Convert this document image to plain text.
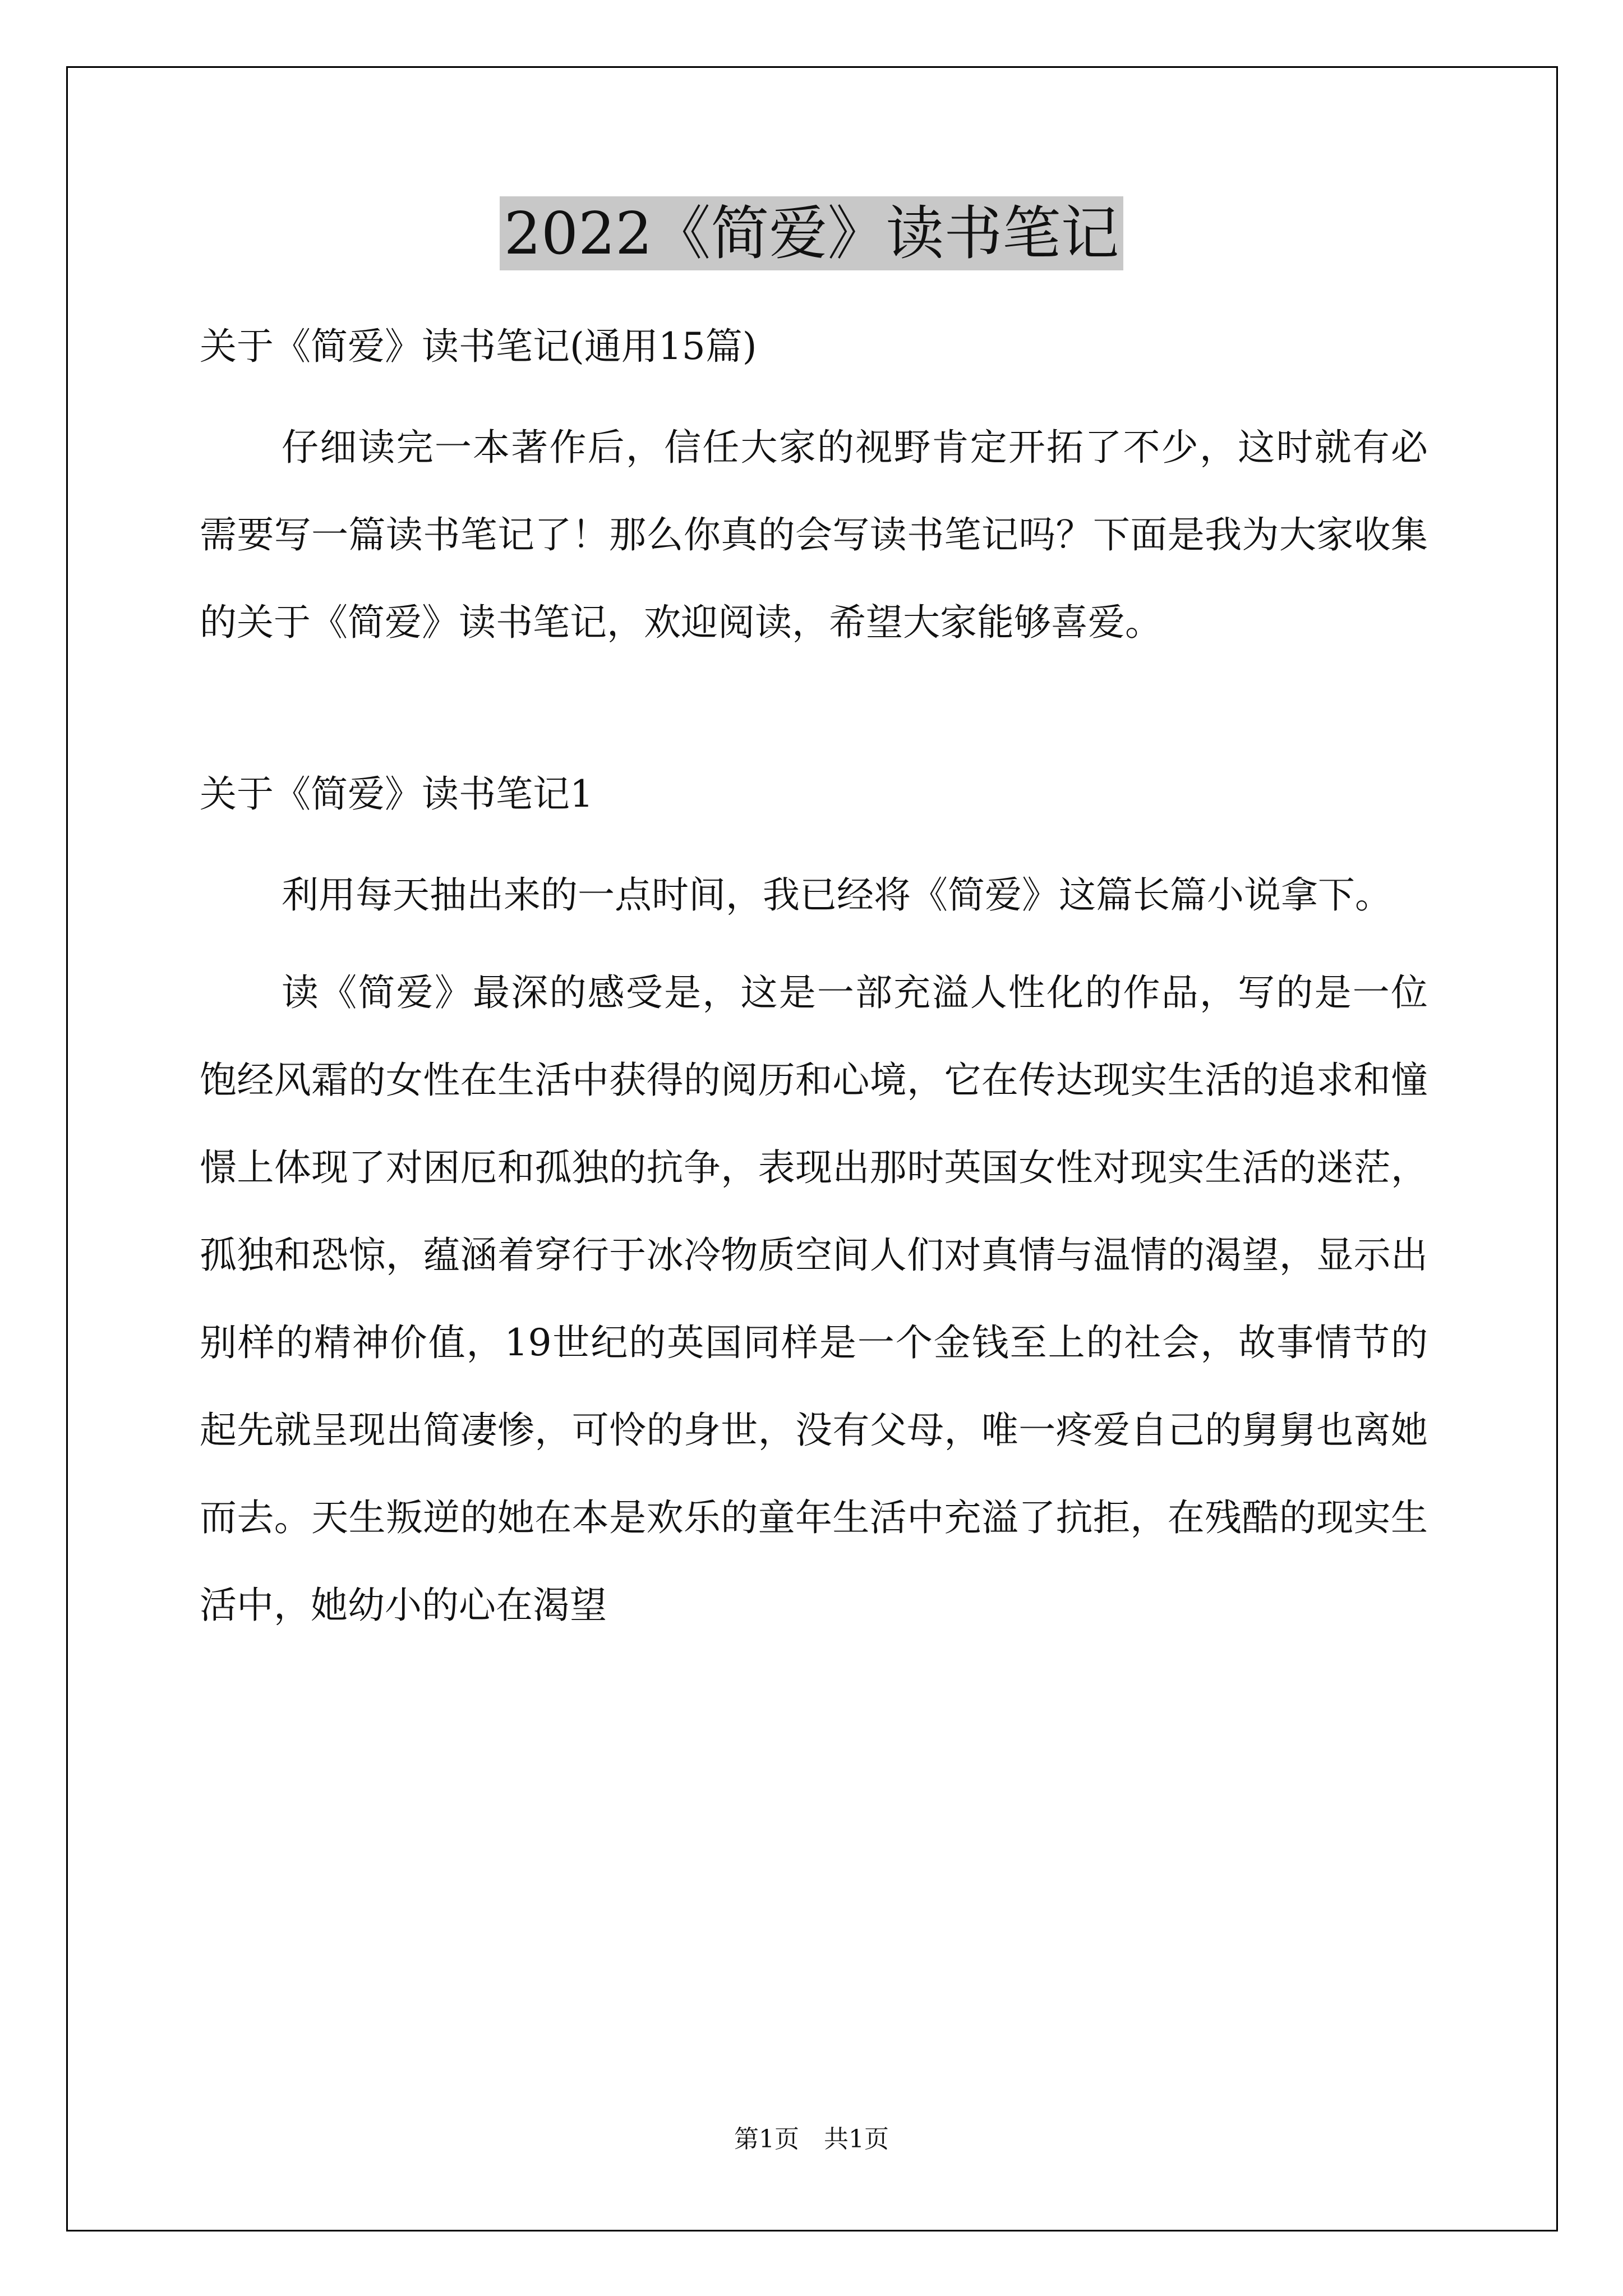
2022《简爱》读书笔记

关于《简爱》读书笔记(通用15篇)

仔细读完一本著作后，信任大家的视野肯定开拓了不少，这时就有必需要写一篇读书笔记了！那么你真的会写读书笔记吗？下面是我为大家收集的关于《简爱》读书笔记，欢迎阅读，希望大家能够喜爱。

关于《简爱》读书笔记1

利用每天抽出来的一点时间，我已经将《简爱》这篇长篇小说拿下。

读《简爱》最深的感受是，这是一部充溢人性化的作品，写的是一位饱经风霜的女性在生活中获得的阅历和心境，它在传达现实生活的追求和憧憬上体现了对困厄和孤独的抗争，表现出那时英国女性对现实生活的迷茫，孤独和恐惊，蕴涵着穿行于冰冷物质空间人们对真情与温情的渴望，显示出别样的精神价值，19世纪的英国同样是一个金钱至上的社会，故事情节的起先就呈现出简凄惨，可怜的身世，没有父母，唯一疼爱自己的舅舅也离她而去。天生叛逆的她在本是欢乐的童年生活中充溢了抗拒，在残酷的现实生活中，她幼小的心在渴望

第1页　共1页
